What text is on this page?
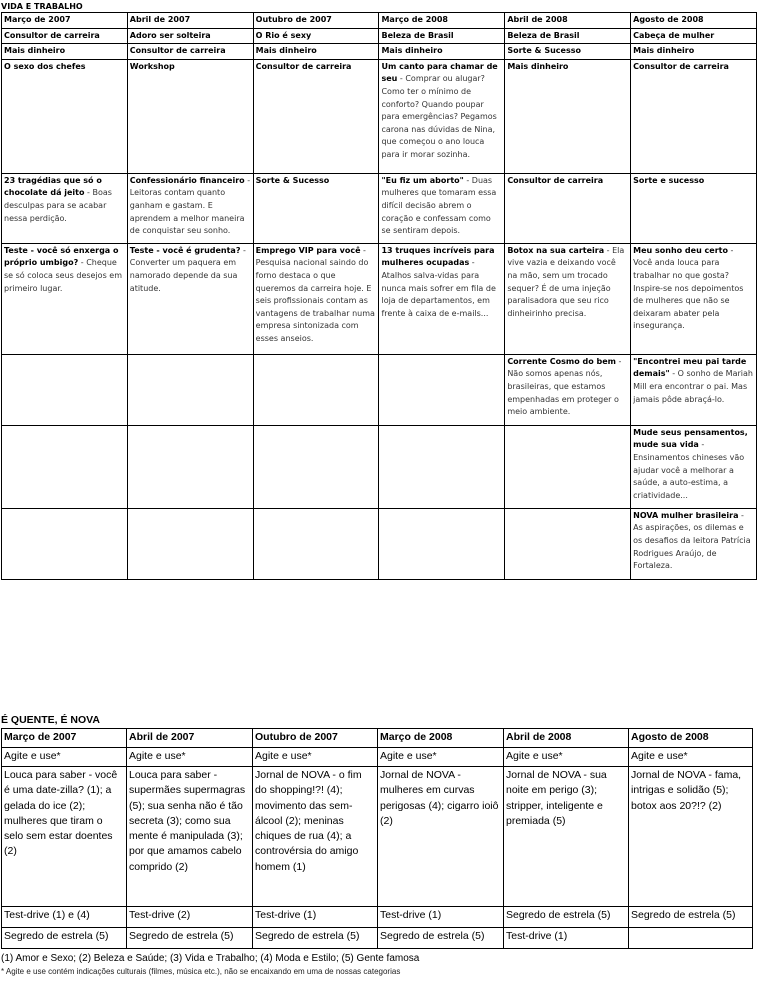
VIDA E TRABALHO
Março de 2007	Abril de 2007	Outubro de 2007	Março de 2008	Abril de 2008	Agosto de 2008
Consultor de carreira	Adoro ser solteira	O Rio é sexy	Beleza de Brasil	Beleza de Brasil	Cabeça de mulher
Mais dinheiro	Consultor de carreira	Mais dinheiro	Mais dinheiro	Sorte & Sucesso	Mais dinheiro
O sexo dos chefes	Workshop	Consultor de carreira	Um canto para chamar de seu - Comprar ou alugar? Como ter o mínimo de conforto? Quando poupar para emergências? Pegamos carona nas dúvidas de Nina, que começou o ano louca para ir morar sozinha.	Mais dinheiro	Consultor de carreira
23 tragédias que só o chocolate dá jeito - Boas desculpas para se acabar nessa perdição.	Confessionário financeiro - Leitoras contam quanto ganham e gastam. E aprendem a melhor maneira de conquistar seu sonho.	Sorte & Sucesso	"Eu fiz um aborto" - Duas mulheres que tomaram essa difícil decisão abrem o coração e confessam como se sentiram depois.	Consultor de carreira	Sorte e sucesso
Teste - você só enxerga o próprio umbigo? - Cheque se só coloca seus desejos em primeiro lugar.	Teste - você é grudenta? - Converter um paquera em namorado depende da sua atitude.	Emprego VIP para você - Pesquisa nacional saindo do forno destaca o que queremos da carreira hoje. E seis profissionais contam as vantagens de trabalhar numa empresa sintonizada com esses anseios.	13 truques incríveis para mulheres ocupadas - Atalhos salva-vidas para nunca mais sofrer em fila de loja de departamentos, em frente à caixa de e-mails...	Botox na sua carteira - Ela vive vazia e deixando você na mão, sem um trocado sequer? É de uma injeção paralisadora que seu rico dinheirinho precisa.	Meu sonho deu certo - Você anda louca para trabalhar no que gosta? Inspire-se nos depoimentos de mulheres que não se deixaram abater pela insegurança.
				Corrente Cosmo do bem - Não somos apenas nós, brasileiras, que estamos empenhadas em proteger o meio ambiente.	"Encontrei meu pai tarde demais" - O sonho de Mariah Mill era encontrar o pai. Mas jamais pôde abraçá-lo.
					Mude seus pensamentos, mude sua vida - Ensinamentos chineses vão ajudar você a melhorar a saúde, a auto-estima, a criatividade...
					NOVA mulher brasileira - As aspirações, os dilemas e os desafios da leitora Patrícia Rodrigues Araújo, de Fortaleza.
É QUENTE, É NOVA
Março de 2007	Abril de 2007	Outubro de 2007	Março de 2008	Abril de 2008	Agosto de 2008
Agite e use*	Agite e use*	Agite e use*	Agite e use*	Agite e use*	Agite e use*
Louca para saber - você é uma date-zilla? (1); a gelada do ice (2); mulheres que tiram o selo sem estar doentes (2)	Louca para saber - supermães supermagras (5); sua senha não é tão secreta (3); como sua mente é manipulada (3); por que amamos cabelo comprido (2)	Jornal de NOVA - o fim do shopping!?! (4); movimento das sem-álcool (2); meninas chiques de rua (4); a controvérsia do amigo homem (1)	Jornal de NOVA - mulheres em curvas perigosas (4); cigarro ioiô (2)	Jornal de NOVA - sua noite em perigo (3); stripper, inteligente e premiada (5)	Jornal de NOVA - fama, intrigas e solidão (5); botox aos 20?!? (2)
Test-drive (1) e (4)	Test-drive (2)	Test-drive (1)	Test-drive (1)	Segredo de estrela (5)	Segredo de estrela (5)
Segredo de estrela (5)	Segredo de estrela (5)	Segredo de estrela (5)	Segredo de estrela (5)	Test-drive (1)	
(1) Amor e Sexo; (2) Beleza e Saúde; (3) Vida e Trabalho; (4) Moda e Estilo; (5) Gente famosa
* Agite e use contém indicações culturais (filmes, música etc.), não se encaixando em uma de nossas categorias
